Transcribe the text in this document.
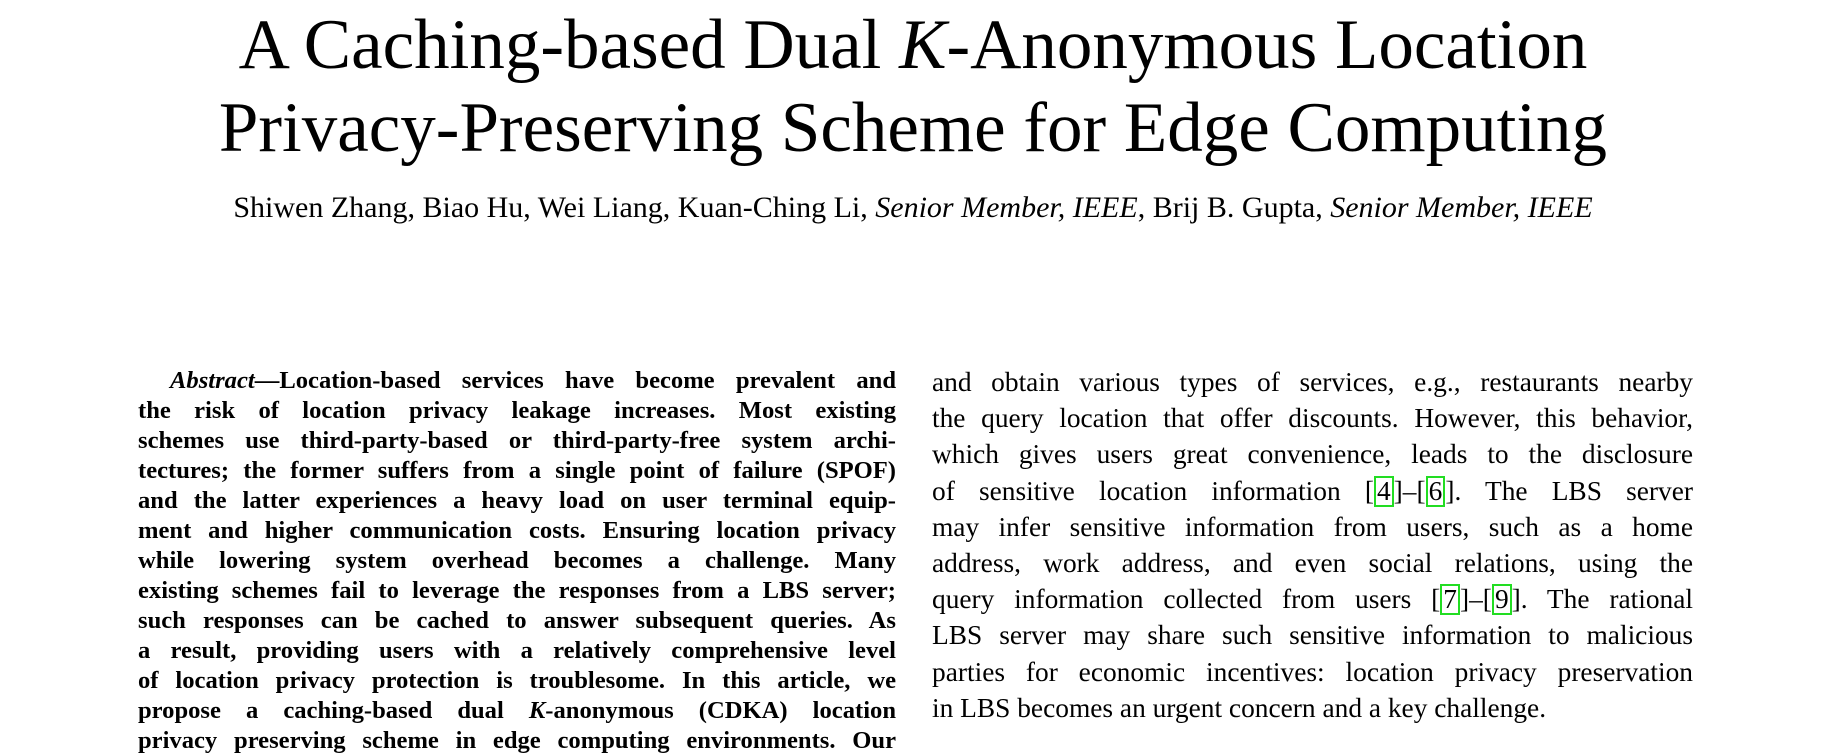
A Caching-based Dual K-Anonymous Location
Privacy-Preserving Scheme for Edge Computing
Shiwen Zhang, Biao Hu, Wei Liang, Kuan-Ching Li, Senior Member, IEEE, Brij B. Gupta, Senior Member, IEEE
Abstract—Location-based services have become prevalent and
the risk of location privacy leakage increases. Most existing
schemes use third-party-based or third-party-free system archi-
tectures; the former suffers from a single point of failure (SPOF)
and the latter experiences a heavy load on user terminal equip-
ment and higher communication costs. Ensuring location privacy
while lowering system overhead becomes a challenge. Many
existing schemes fail to leverage the responses from a LBS server;
such responses can be cached to answer subsequent queries. As
a result, providing users with a relatively comprehensive level
of location privacy protection is troublesome. In this article, we
propose a caching-based dual K-anonymous (CDKA) location
privacy preserving scheme in edge computing environments. Our
and obtain various types of services, e.g., restaurants nearby
the query location that offer discounts. However, this behavior,
which gives users great convenience, leads to the disclosure
of sensitive location information [ 4 ]–[ 6 ]. The LBS server
may infer sensitive information from users, such as a home
address, work address, and even social relations, using the
query information collected from users [ 7 ]–[ 9 ]. The rational
LBS server may share such sensitive information to malicious
parties for economic incentives: location privacy preservation
in LBS becomes an urgent concern and a key challenge.
